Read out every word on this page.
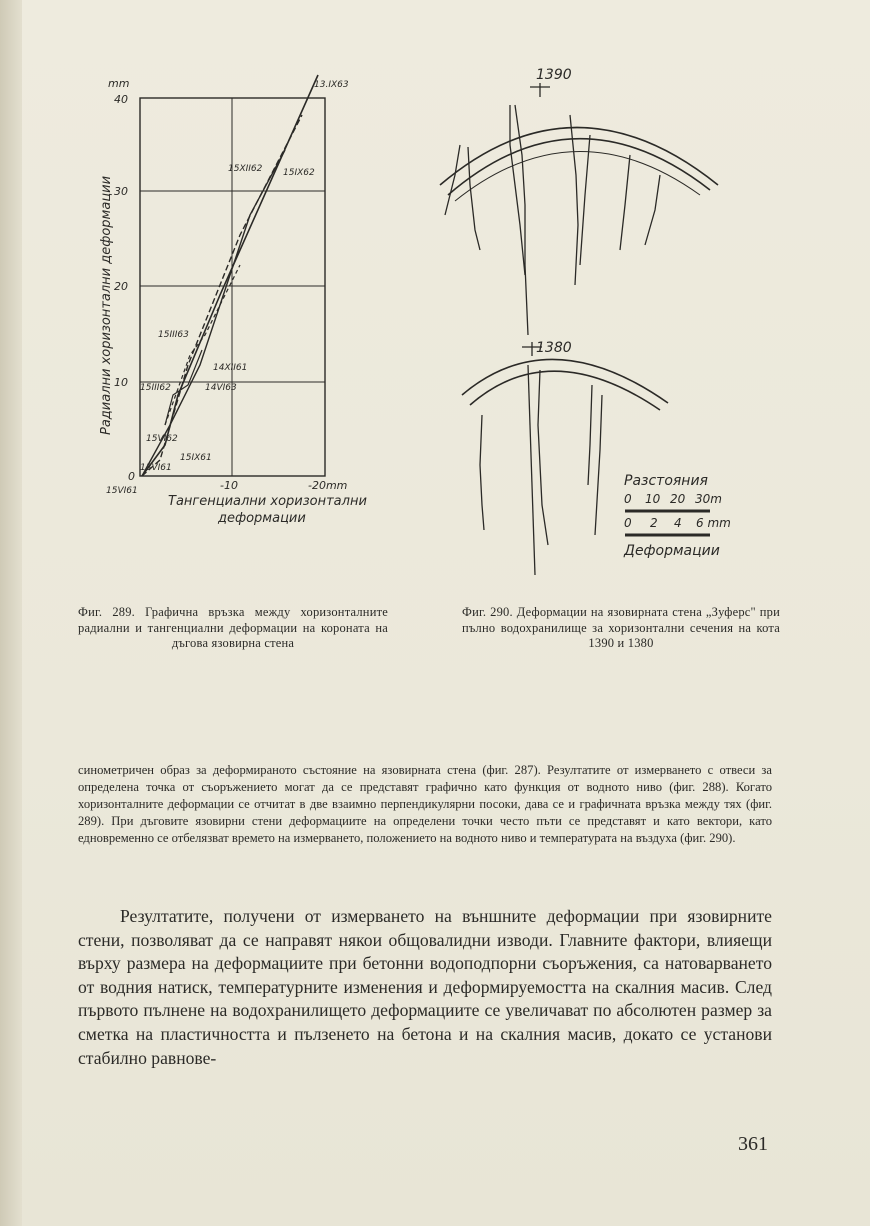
mm
40
30
20
10
0
-10	-20mm
Радиални хоризонтални деформации
Тангенциални хоризонтални
деформации
13.IX63
15XII62 15IX62
15III63
14XII61
15III62	14VI63
15VI62
15IX61
13VI61
15VI61
1390
1380
Разстояния
0 10 20 30m
0 2 4 6 mm
Деформации
Фиг. 289. Графична връзка между хоризонталните радиални и тангенциални деформации на короната на дъгова язовирна стена
Фиг. 290. Деформации на язовирната стена „Зуферс" при пълно водохранилище за хоризонтални сечения на кота 1390 и 1380

синометричен образ за деформираното състояние на язовирната стена (фиг. 287). Резултатите от измерването с отвеси за определена точка от съоръжението могат да се представят графично като функция от водното ниво (фиг. 288). Когато хоризонталните деформации се отчитат в две взаимно перпендикулярни посоки, дава се и графичната връзка между тях (фиг. 289). При дъговите язовирни стени деформациите на определени точки често пъти се представят и като вектори, като едновременно се отбелязват времето на измерването, положението на водното ниво и температурата на въздуха (фиг. 290).

Резултатите, получени от измерването на външните деформации при язовирните стени, позволяват да се направят някои общовалидни изводи. Главните фактори, влияещи върху размера на деформациите при бетонни водоподпорни съоръжения, са натоварването от водния натиск, температурните изменения и деформируемостта на скалния масив. След първото пълнене на водохранилището деформациите се увеличават по абсолютен размер за сметка на пластичността и пълзенето на бетона и на скалния масив, докато се установи стабилно равнове-

361
